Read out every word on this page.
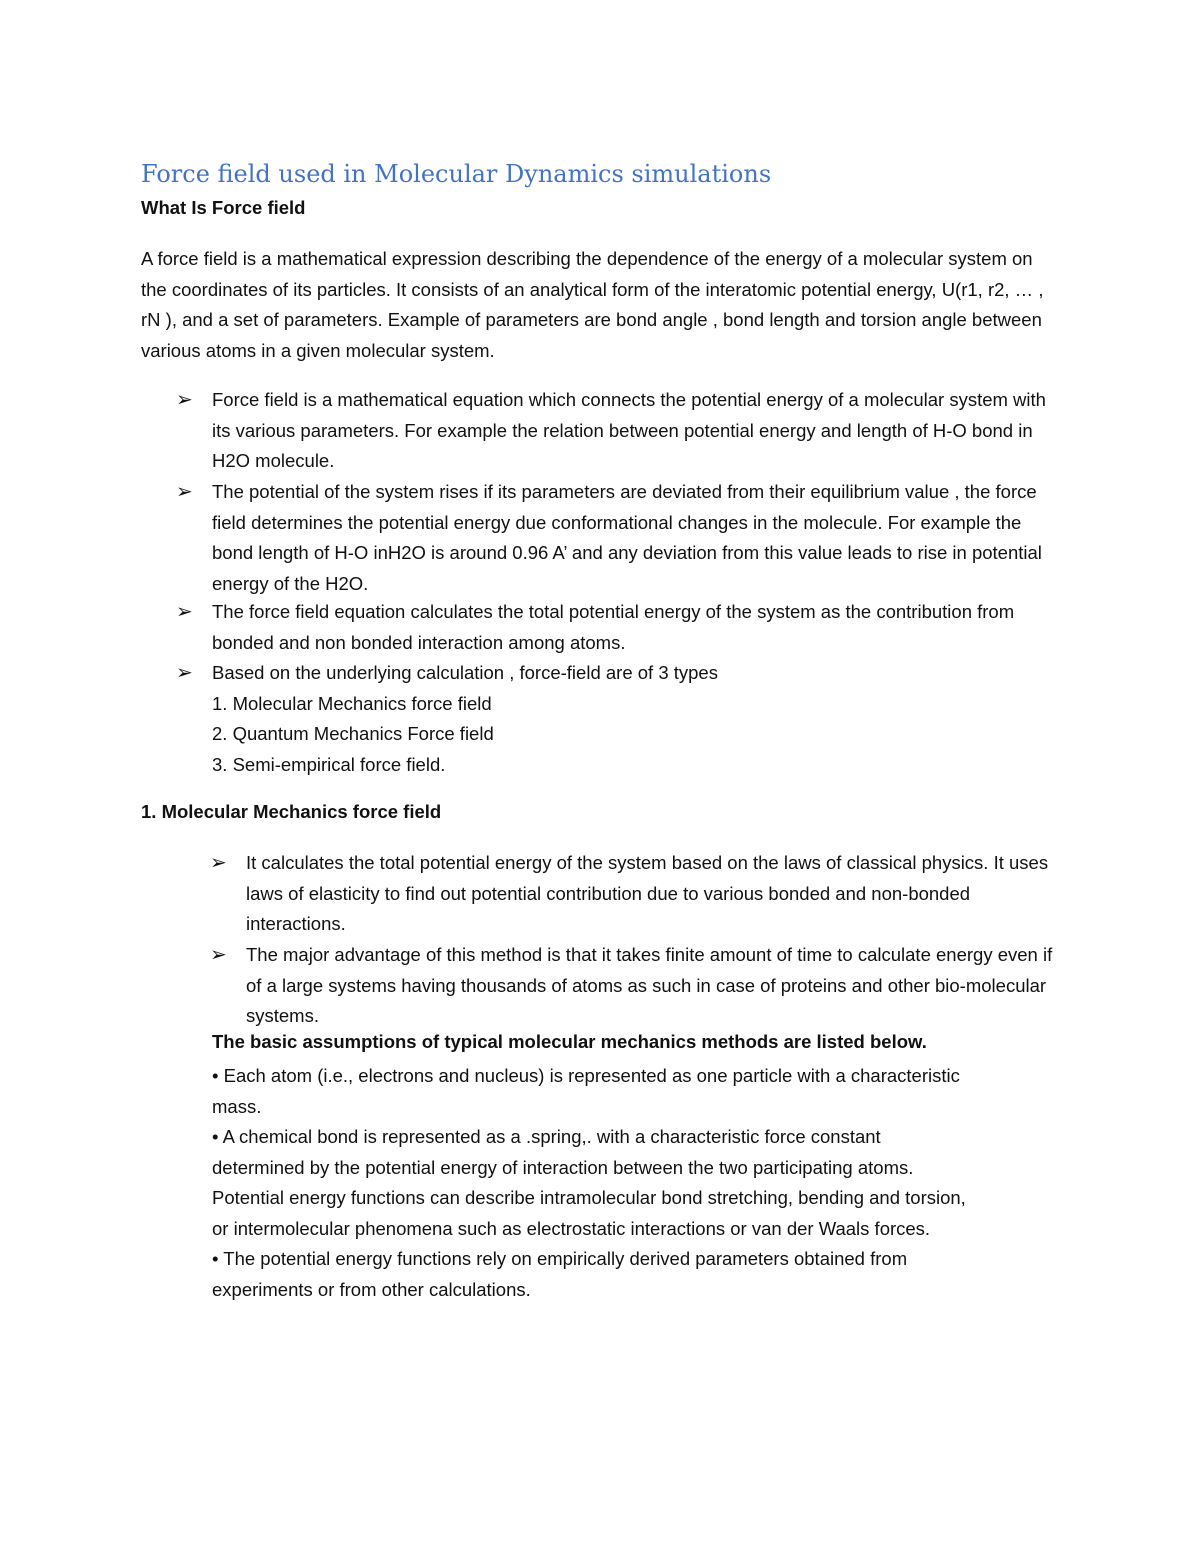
Force field used in Molecular Dynamics simulations
What Is Force field

A force field is a mathematical expression describing the dependence of the energy of a molecular system on the coordinates of its particles. It consists of an analytical form of the interatomic potential energy, U(r1, r2, … , rN ), and a set of parameters. Example of parameters are bond angle , bond length and torsion angle between various atoms in a given molecular system.

➢ Force field is a mathematical equation which connects the potential energy of a molecular system with its various parameters. For example the relation between potential energy and length of H-O bond in H2O molecule.
➢ The potential of the system rises if its parameters are deviated from their equilibrium value , the force field determines the potential energy due conformational changes in the molecule. For example the bond length of H-O inH2O is around 0.96 A’ and any deviation from this value leads to rise in potential energy of the H2O.
➢ The force field equation calculates the total potential energy of the system as the contribution from bonded and non bonded interaction among atoms.
➢ Based on the underlying calculation , force-field are of 3 types
1. Molecular Mechanics force field
2. Quantum Mechanics Force field
3. Semi-empirical force field.
1. Molecular Mechanics force field
➢ It calculates the total potential energy of the system based on the laws of classical physics. It uses laws of elasticity to find out potential contribution due to various bonded and non-bonded interactions.
➢ The major advantage of this method is that it takes finite amount of time to calculate energy even if of a large systems having thousands of atoms as such in case of proteins and other bio-molecular systems.

The basic assumptions of typical molecular mechanics methods are listed below.

• Each atom (i.e., electrons and nucleus) is represented as one particle with a characteristic mass.
• A chemical bond is represented as a .spring,. with a characteristic force constant determined by the potential energy of interaction between the two participating atoms. Potential energy functions can describe intramolecular bond stretching, bending and torsion, or intermolecular phenomena such as electrostatic interactions or van der Waals forces.
• The potential energy functions rely on empirically derived parameters obtained from experiments or from other calculations.
